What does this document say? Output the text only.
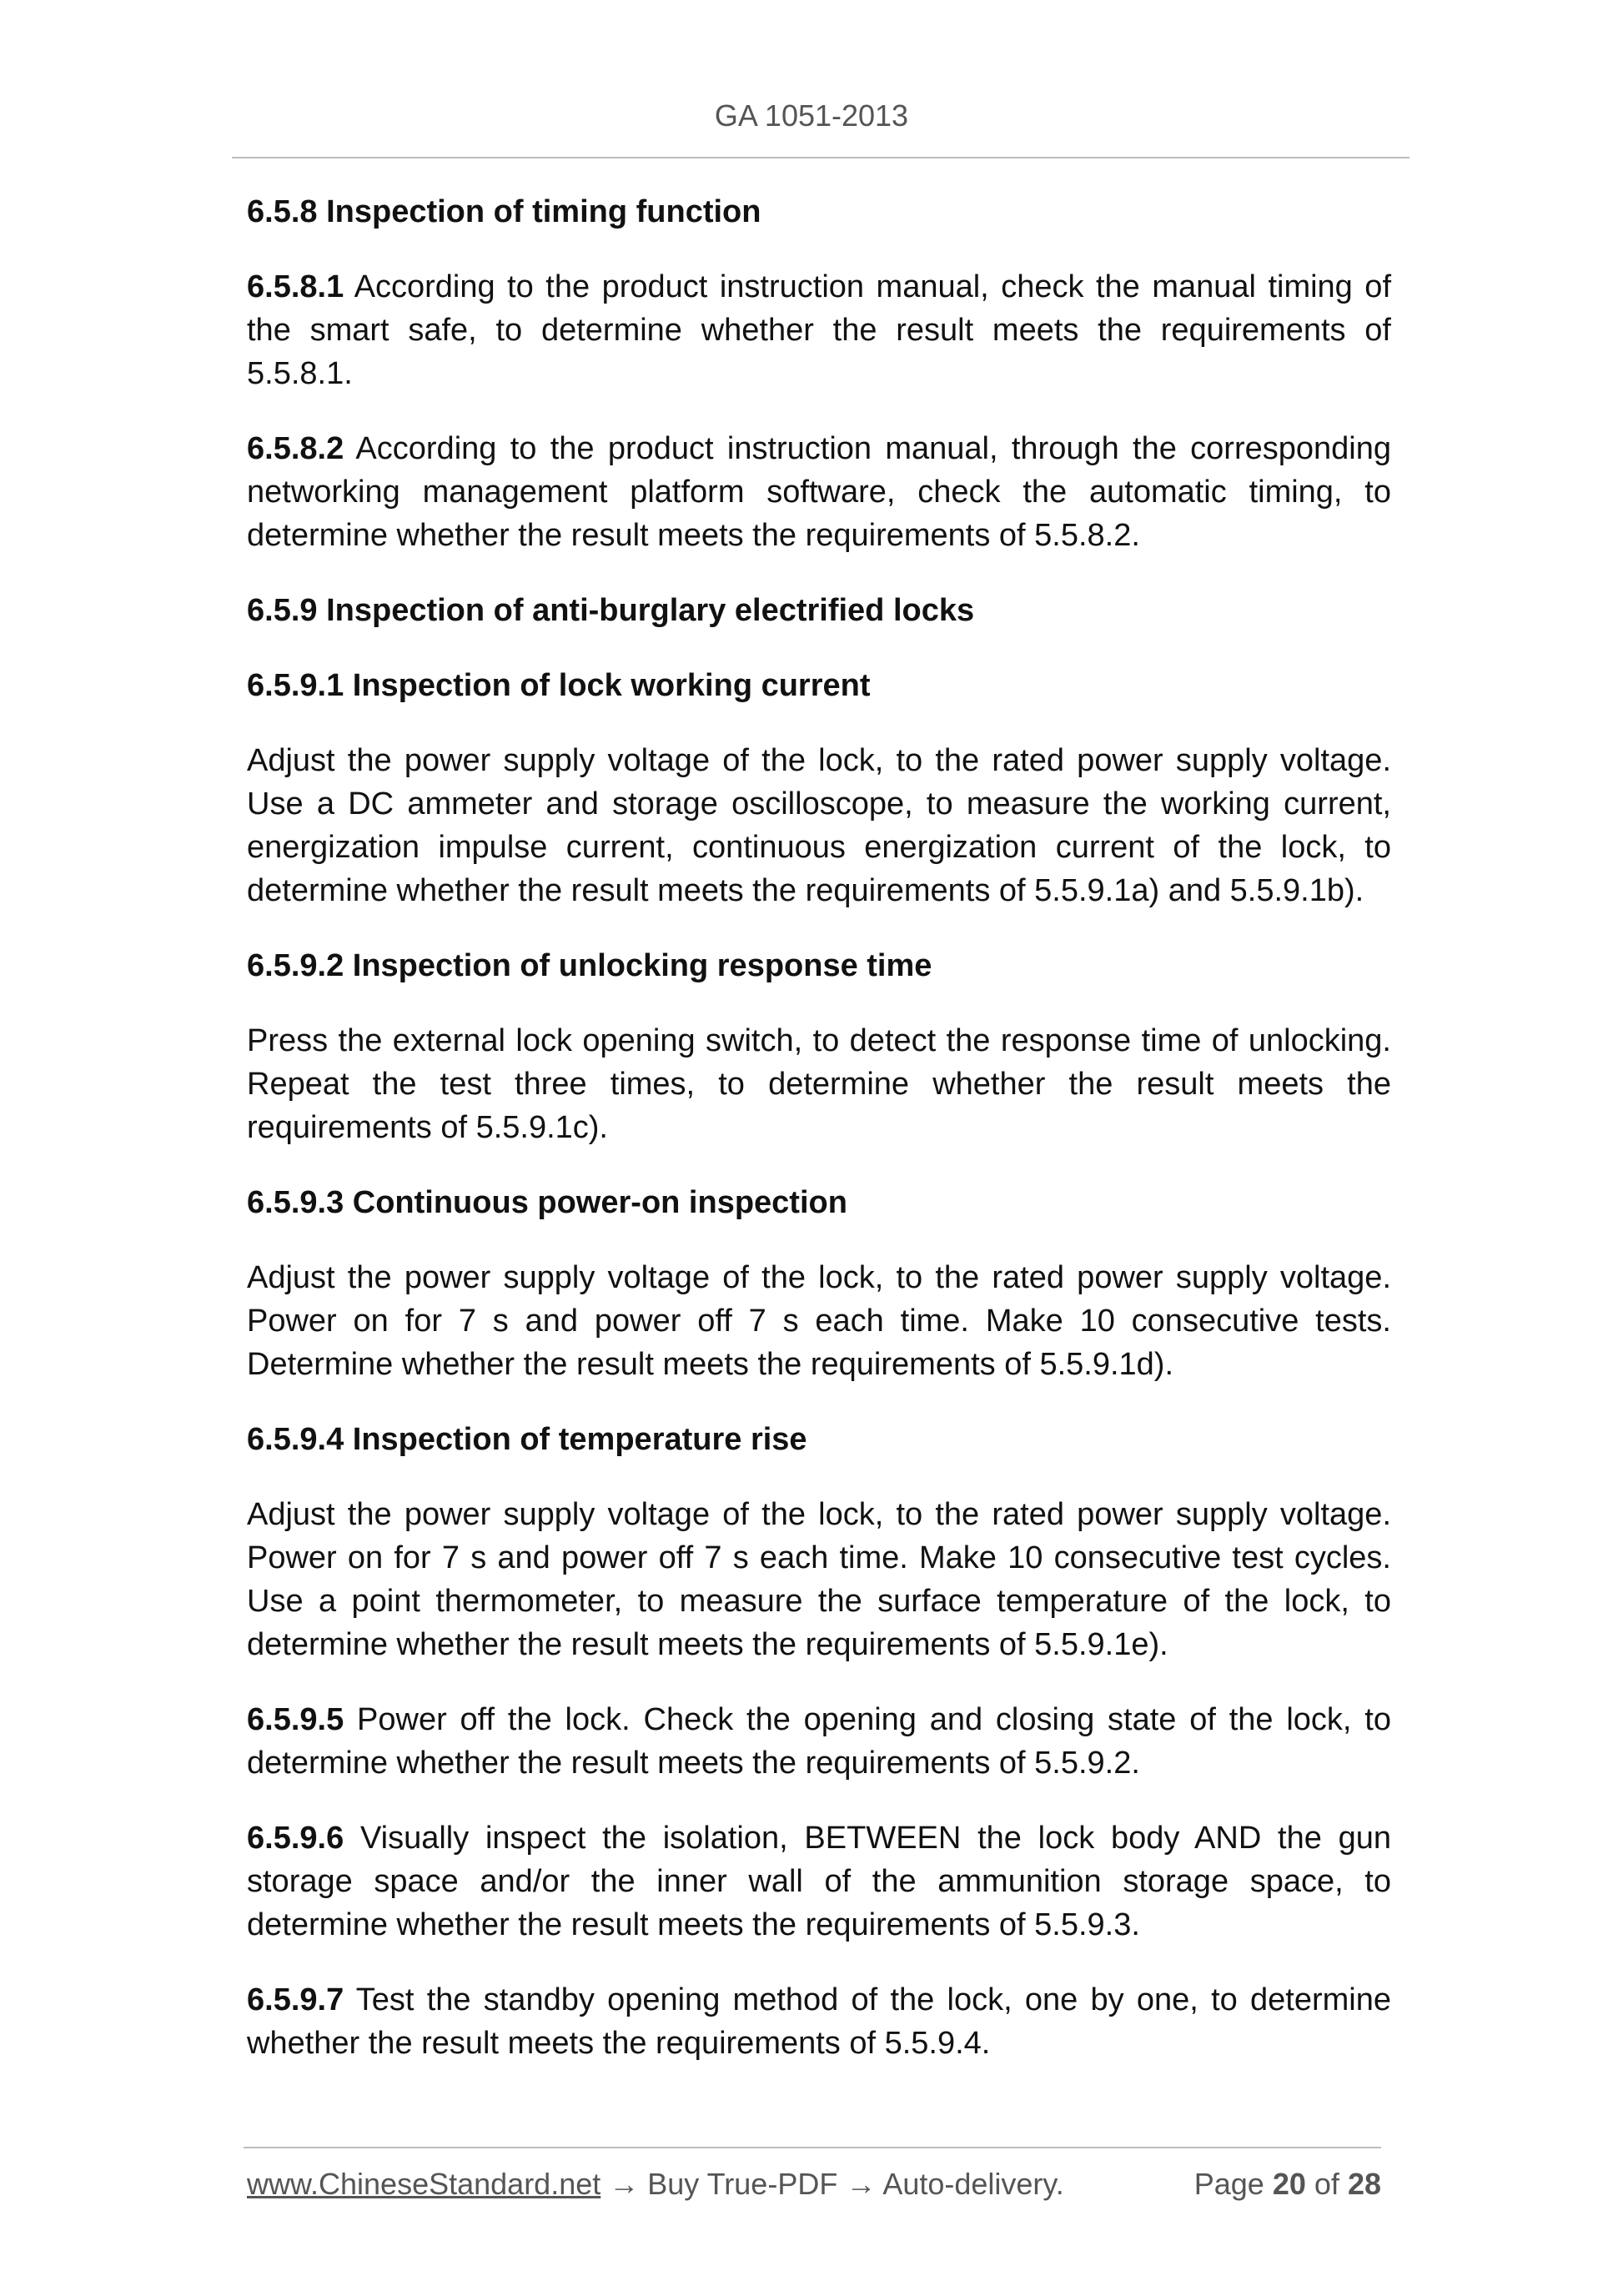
GA 1051-2013
6.5.8 Inspection of timing function
6.5.8.1 According to the product instruction manual, check the manual timing of the smart safe, to determine whether the result meets the requirements of 5.5.8.1.
6.5.8.2 According to the product instruction manual, through the corresponding networking management platform software, check the automatic timing, to determine whether the result meets the requirements of 5.5.8.2.
6.5.9 Inspection of anti-burglary electrified locks
6.5.9.1 Inspection of lock working current
Adjust the power supply voltage of the lock, to the rated power supply voltage. Use a DC ammeter and storage oscilloscope, to measure the working current, energization impulse current, continuous energization current of the lock, to determine whether the result meets the requirements of 5.5.9.1a) and 5.5.9.1b).
6.5.9.2 Inspection of unlocking response time
Press the external lock opening switch, to detect the response time of unlocking. Repeat the test three times, to determine whether the result meets the requirements of 5.5.9.1c).
6.5.9.3 Continuous power-on inspection
Adjust the power supply voltage of the lock, to the rated power supply voltage. Power on for 7 s and power off 7 s each time. Make 10 consecutive tests. Determine whether the result meets the requirements of 5.5.9.1d).
6.5.9.4 Inspection of temperature rise
Adjust the power supply voltage of the lock, to the rated power supply voltage. Power on for 7 s and power off 7 s each time. Make 10 consecutive test cycles. Use a point thermometer, to measure the surface temperature of the lock, to determine whether the result meets the requirements of 5.5.9.1e).
6.5.9.5 Power off the lock. Check the opening and closing state of the lock, to determine whether the result meets the requirements of 5.5.9.2.
6.5.9.6 Visually inspect the isolation, BETWEEN the lock body AND the gun storage space and/or the inner wall of the ammunition storage space, to determine whether the result meets the requirements of 5.5.9.3.
6.5.9.7 Test the standby opening method of the lock, one by one, to determine whether the result meets the requirements of 5.5.9.4.
www.ChineseStandard.net → Buy True-PDF → Auto-delivery.	Page 20 of 28
